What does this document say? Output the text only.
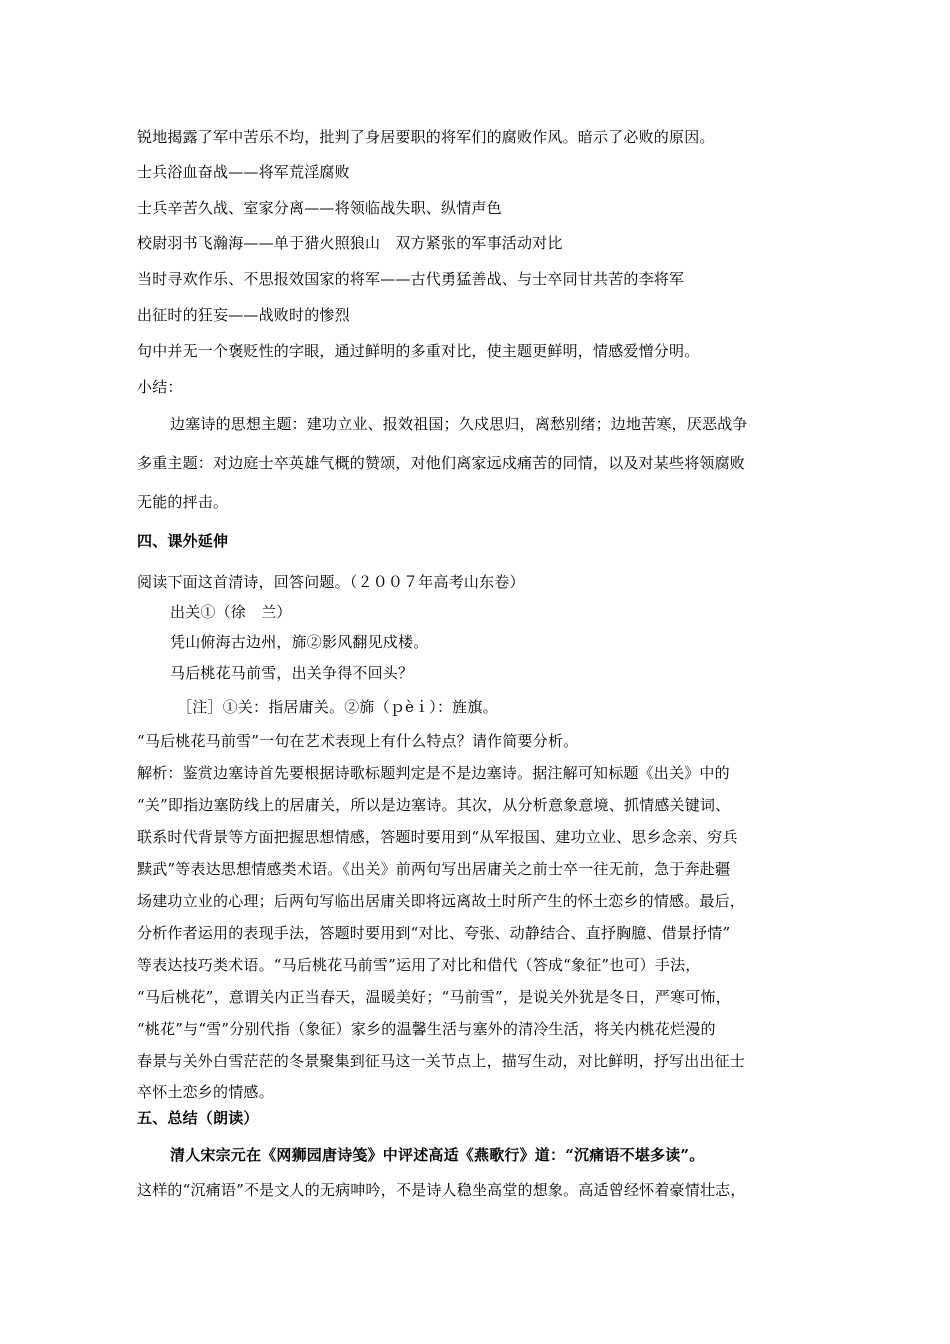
锐地揭露了军中苦乐不均，批判了身居要职的将军们的腐败作风。暗示了必败的原因。
士兵浴血奋战——将军荒淫腐败
士兵辛苦久战、室家分离——将领临战失职、纵情声色
校尉羽书飞瀚海——单于猎火照狼山　双方紧张的军事活动对比
当时寻欢作乐、不思报效国家的将军——古代勇猛善战、与士卒同甘共苦的李将军
出征时的狂妄——战败时的惨烈
句中并无一个褒贬性的字眼，通过鲜明的多重对比，使主题更鲜明，情感爱憎分明。
小结：
边塞诗的思想主题：建功立业、报效祖国；久戍思归，离愁别绪；边地苦寒，厌恶战争
多重主题：对边庭士卒英雄气概的赞颂，对他们离家远戍痛苦的同情，以及对某些将领腐败
无能的抨击。
四、课外延伸
阅读下面这首清诗，回答问题。（２００７年高考山东卷）
出关①（徐　兰）
凭山俯海古边州，旆②影风翻见戍楼。
马后桃花马前雪，出关争得不回头？
［注］①关：指居庸关。②旆（ｐèｉ）：旌旗。
“马后桃花马前雪”一句在艺术表现上有什么特点？请作简要分析。
解析：鉴赏边塞诗首先要根据诗歌标题判定是不是边塞诗。据注解可知标题《出关》中的
“关”即指边塞防线上的居庸关，所以是边塞诗。其次，从分析意象意境、抓情感关键词、
联系时代背景等方面把握思想情感，答题时要用到“从军报国、建功立业、思乡念亲、穷兵
黩武”等表达思想情感类术语。《出关》前两句写出居庸关之前士卒一往无前，急于奔赴疆
场建功立业的心理；后两句写临出居庸关即将远离故土时所产生的怀土恋乡的情感。最后，
分析作者运用的表现手法，答题时要用到“对比、夸张、动静结合、直抒胸臆、借景抒情”
等表达技巧类术语。“马后桃花马前雪”运用了对比和借代（答成“象征”也可）手法，
“马后桃花”，意谓关内正当春天，温暖美好；“马前雪”，是说关外犹是冬日，严寒可怖，
“桃花”与“雪”分别代指（象征）家乡的温馨生活与塞外的清冷生活，将关内桃花烂漫的
春景与关外白雪茫茫的冬景聚集到征马这一关节点上，描写生动，对比鲜明，抒写出出征士
卒怀土恋乡的情感。
五、总结（朗读）
清人宋宗元在《网狮园唐诗笺》中评述高适《燕歌行》道：“沉痛语不堪多读”。
这样的“沉痛语”不是文人的无病呻吟，不是诗人稳坐高堂的想象。高适曾经怀着豪情壮志，
